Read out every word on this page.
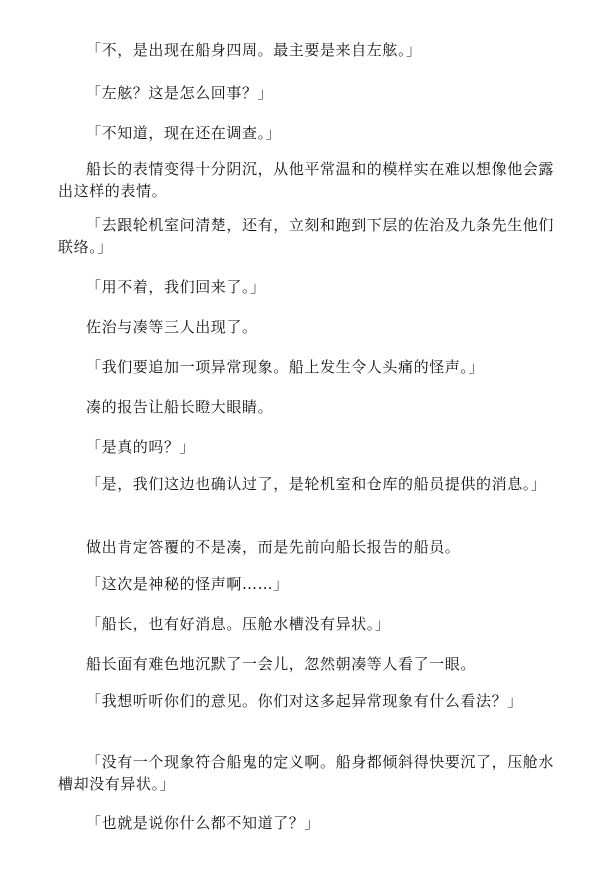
「不，是出现在船身四周。最主要是来自左舷。」

「左舷？这是怎么回事？」

「不知道，现在还在调查。」

船长的表情变得十分阴沉，从他平常温和的模样实在难以想像他会露出这样的表情。

「去跟轮机室问清楚，还有，立刻和跑到下层的佐治及九条先生他们联络。」

「用不着，我们回来了。」

佐治与凑等三人出现了。

「我们要追加一项异常现象。船上发生令人头痛的怪声。」

凑的报告让船长瞪大眼睛。

「是真的吗？」

「是，我们这边也确认过了，是轮机室和仓库的船员提供的消息。」

做出肯定答覆的不是凑，而是先前向船长报告的船员。

「这次是神秘的怪声啊……」

「船长，也有好消息。压舱水槽没有异状。」

船长面有难色地沉默了一会儿，忽然朝凑等人看了一眼。

「我想听听你们的意见。你们对这多起异常现象有什么看法？」

「没有一个现象符合船鬼的定义啊。船身都倾斜得快要沉了，压舱水槽却没有异状。」

「也就是说你什么都不知道了？」
